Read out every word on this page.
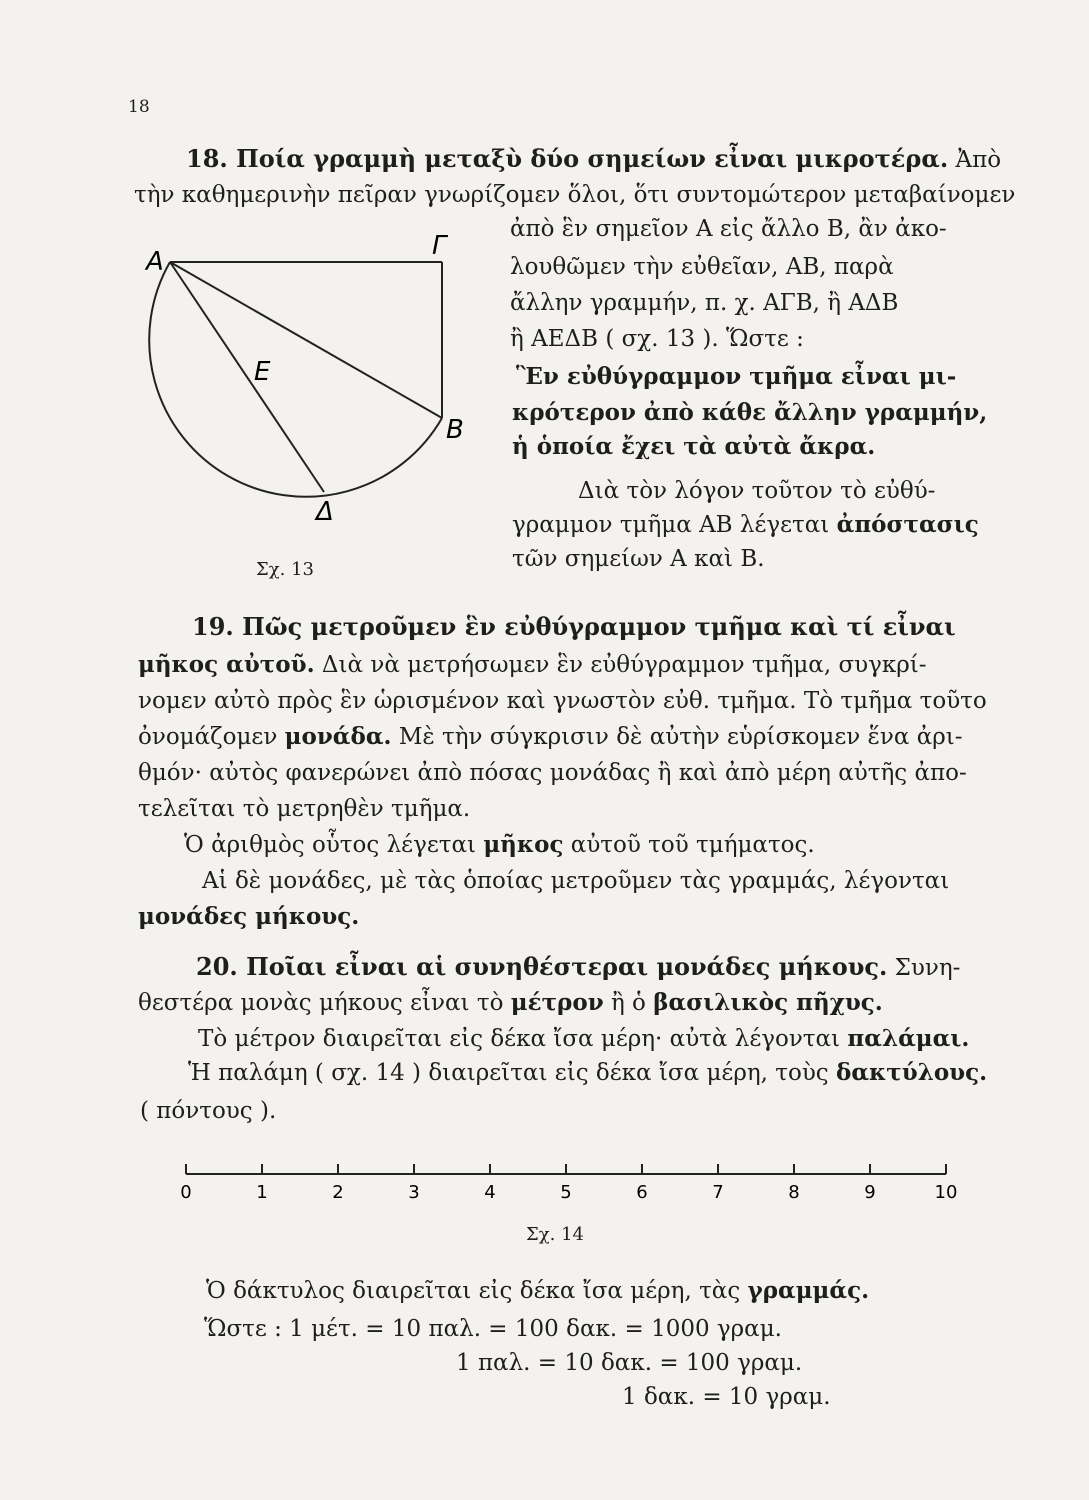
18
18. Ποία γραμμὴ μεταξὺ δύο σημείων εἶναι μικροτέρα. Ἀπὸ
τὴν καθημερινὴν πεῖραν γνωρίζομεν ὅλοι, ὅτι συντομώτερον μεταβαίνομεν
ἀπὸ ἓν σημεῖον Α εἰς ἄλλο Β, ἂν ἀκο-
λουθῶμεν τὴν εὐθεῖαν, ΑΒ, παρὰ
ἄλλην γραμμήν, π. χ. ΑΓΒ, ἢ ΑΔΒ
ἢ ΑΕΔΒ ( σχ. 13 ). Ὥστε :
Ἓν εὐθύγραμμον τμῆμα εἶναι μι-
κρότερον ἀπὸ κάθε ἄλλην γραμμήν,
ἡ ὁποία ἔχει τὰ αὐτὰ ἄκρα.
Διὰ τὸν λόγον τοῦτον τὸ εὐθύ-
γραμμον τμῆμα ΑΒ λέγεται ἀπόστασις
τῶν σημείων Α καὶ Β.
Α
Γ
Β
Ε
Δ
Σχ. 13
19. Πῶς μετροῦμεν ἓν εὐθύγραμμον τμῆμα καὶ τί εἶναι
μῆκος αὐτοῦ. Διὰ νὰ μετρήσωμεν ἓν εὐθύγραμμον τμῆμα, συγκρί-
νομεν αὐτὸ πρὸς ἓν ὡρισμένον καὶ γνωστὸν εὐθ. τμῆμα. Τὸ τμῆμα τοῦτο
ὀνομάζομεν μονάδα. Μὲ τὴν σύγκρισιν δὲ αὐτὴν εὑρίσκομεν ἕνα ἀρι-
θμόν· αὐτὸς φανερώνει ἀπὸ πόσας μονάδας ἢ καὶ ἀπὸ μέρη αὐτῆς ἀπο-
τελεῖται τὸ μετρηθὲν τμῆμα.
Ὁ ἀριθμὸς οὗτος λέγεται μῆκος αὐτοῦ τοῦ τμήματος.
Αἱ δὲ μονάδες, μὲ τὰς ὁποίας μετροῦμεν τὰς γραμμάς, λέγονται
μονάδες μήκους.
20. Ποῖαι εἶναι αἱ συνηθέστεραι μονάδες μήκους. Συνη-
θεστέρα μονὰς μήκους εἶναι τὸ μέτρον ἢ ὁ βασιλικὸς πῆχυς.
Τὸ μέτρον διαιρεῖται εἰς δέκα ἴσα μέρη· αὐτὰ λέγονται παλάμαι.
Ἡ παλάμη ( σχ. 14 ) διαιρεῖται εἰς δέκα ἴσα μέρη, τοὺς δακτύλους.
( πόντους ).
0	1	2	3	4	5	6	7	8	9	10
Σχ. 14
Ὁ δάκτυλος διαιρεῖται εἰς δέκα ἴσα μέρη, τὰς γραμμάς.
Ὥστε : 1 μέτ. = 10 παλ. = 100 δακ. = 1000 γραμ.
1 παλ. = 10 δακ. = 100 γραμ.
1 δακ. = 10 γραμ.
